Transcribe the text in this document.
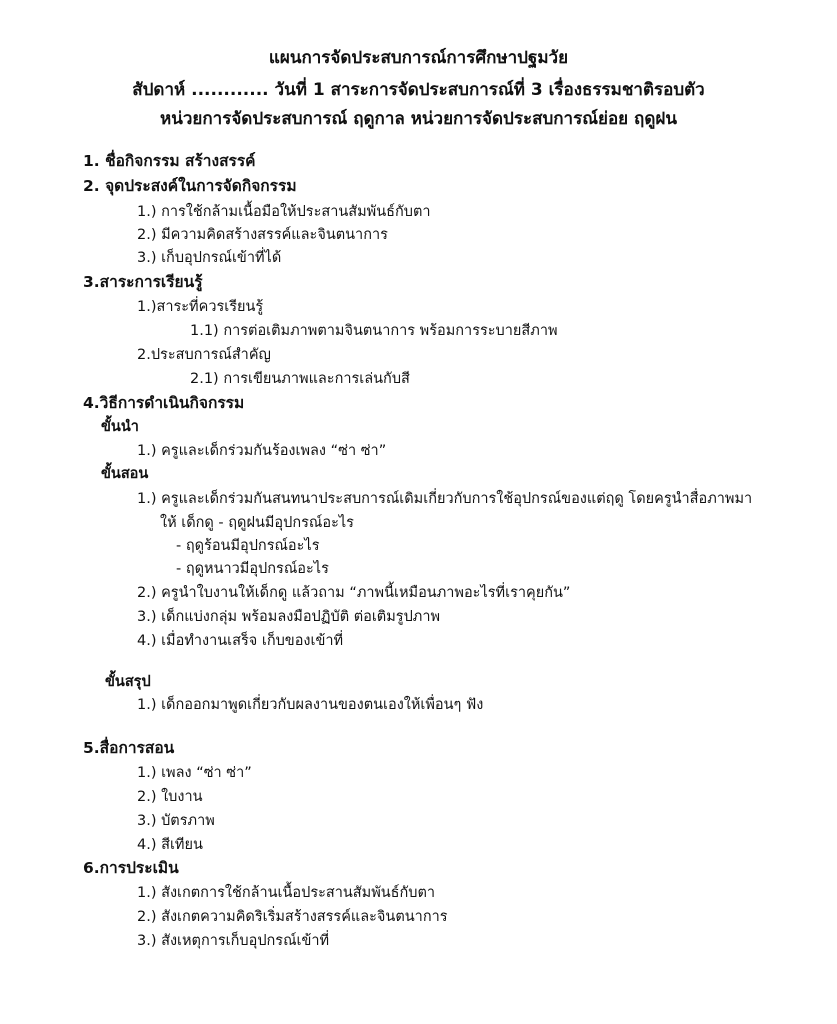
แผนการจัดประสบการณ์การศึกษาปฐมวัย
สัปดาห์ ............ วันที่ 1 สาระการจัดประสบการณ์ที่ 3 เรื่องธรรมชาติรอบตัว
หน่วยการจัดประสบการณ์ ฤดูกาล หน่วยการจัดประสบการณ์ย่อย ฤดูฝน
1. ชื่อกิจกรรม สร้างสรรค์
2. จุดประสงค์ในการจัดกิจกรรม
1.) การใช้กล้ามเนื้อมือให้ประสานสัมพันธ์กับตา
2.) มีความคิดสร้างสรรค์และจินตนาการ
3.) เก็บอุปกรณ์เข้าที่ได้
3.สาระการเรียนรู้
1.)สาระที่ควรเรียนรู้
1.1) การต่อเติมภาพตามจินตนาการ พร้อมการระบายสีภาพ
2.ประสบการณ์สำคัญ
2.1) การเขียนภาพและการเล่นกับสี
4.วิธีการดำเนินกิจกรรม
ขั้นนำ
1.) ครูและเด็กร่วมกันร้องเพลง “ซ่า ซ่า”
ขั้นสอน
1.) ครูและเด็กร่วมกันสนทนาประสบการณ์เดิมเกี่ยวกับการใช้อุปกรณ์ของแต่ฤดู โดยครูนำสื่อภาพมา
ให้ เด็กดู - ฤดูฝนมีอุปกรณ์อะไร
- ฤดูร้อนมีอุปกรณ์อะไร
- ฤดูหนาวมีอุปกรณ์อะไร
2.) ครูนำใบงานให้เด็กดู แล้วถาม “ภาพนี้เหมือนภาพอะไรที่เราคุยกัน”
3.) เด็กแบ่งกลุ่ม พร้อมลงมือปฏิบัติ ต่อเติมรูปภาพ
4.) เมื่อทำงานเสร็จ เก็บของเข้าที่
ขั้นสรุป
1.) เด็กออกมาพูดเกี่ยวกับผลงานของตนเองให้เพื่อนๆ ฟัง
5.สื่อการสอน
1.) เพลง “ซ่า ซ่า”
2.) ใบงาน
3.) บัตรภาพ
4.) สีเทียน
6.การประเมิน
1.) สังเกตการใช้กล้านเนื้อประสานสัมพันธ์กับตา
2.) สังเกตความคิดริเริ่มสร้างสรรค์และจินตนาการ
3.) สังเหตุการเก็บอุปกรณ์เข้าที่
